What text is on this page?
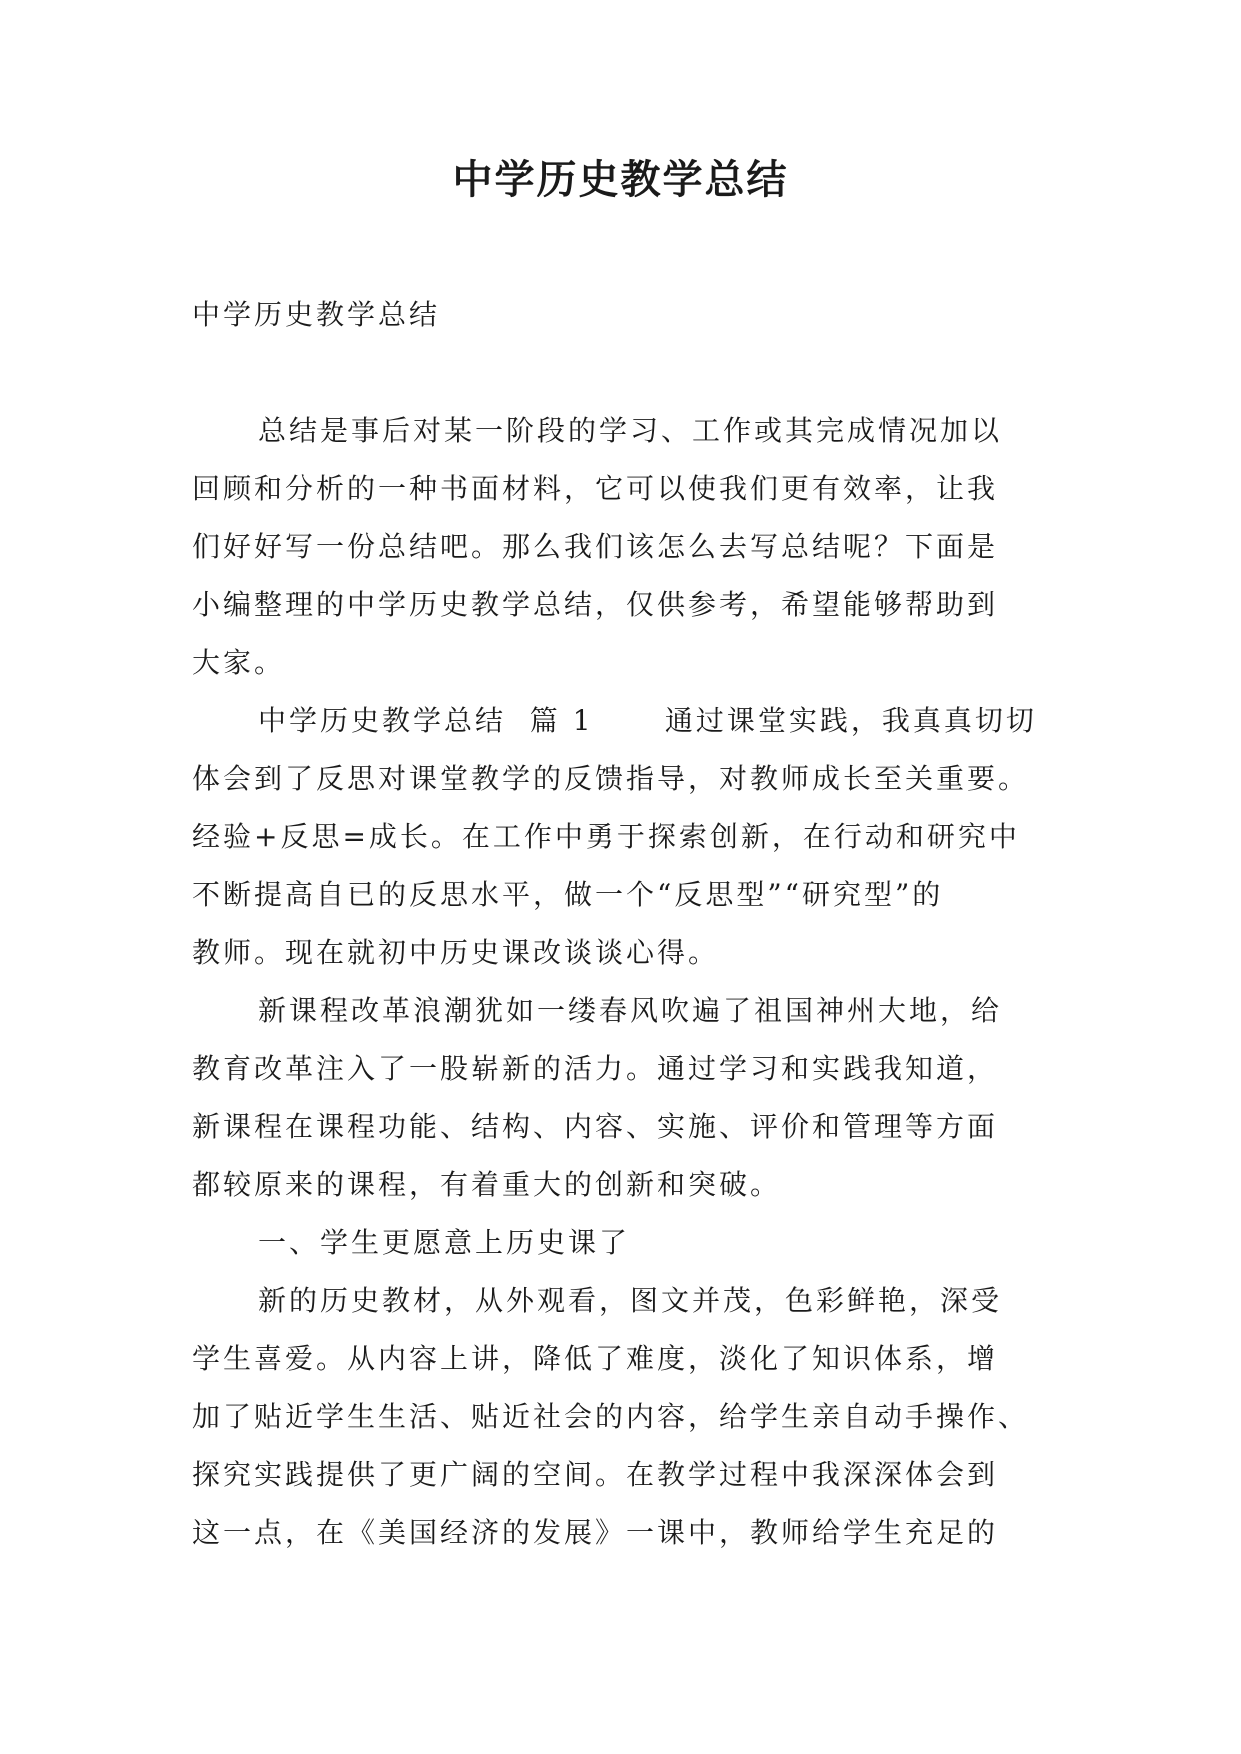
中学历史教学总结

中学历史教学总结

总结是事后对某一阶段的学习、工作或其完成情况加以
回顾和分析的一种书面材料，它可以使我们更有效率，让我
们好好写一份总结吧。那么我们该怎么去写总结呢？下面是
小编整理的中学历史教学总结，仅供参考，希望能够帮助到
大家。

中学历史教学总结  篇 1      通过课堂实践，我真真切切
体会到了反思对课堂教学的反馈指导，对教师成长至关重要。
经验+反思=成长。在工作中勇于探索创新，在行动和研究中
不断提高自已的反思水平，做一个“反思型”“研究型”的
教师。现在就初中历史课改谈谈心得。

新课程改革浪潮犹如一缕春风吹遍了祖国神州大地，给
教育改革注入了一股崭新的活力。通过学习和实践我知道，
新课程在课程功能、结构、内容、实施、评价和管理等方面
都较原来的课程，有着重大的创新和突破。

一、学生更愿意上历史课了

新的历史教材，从外观看，图文并茂，色彩鲜艳，深受
学生喜爱。从内容上讲，降低了难度，淡化了知识体系，增
加了贴近学生生活、贴近社会的内容，给学生亲自动手操作、
探究实践提供了更广阔的空间。在教学过程中我深深体会到
这一点，在《美国经济的发展》一课中，教师给学生充足的
